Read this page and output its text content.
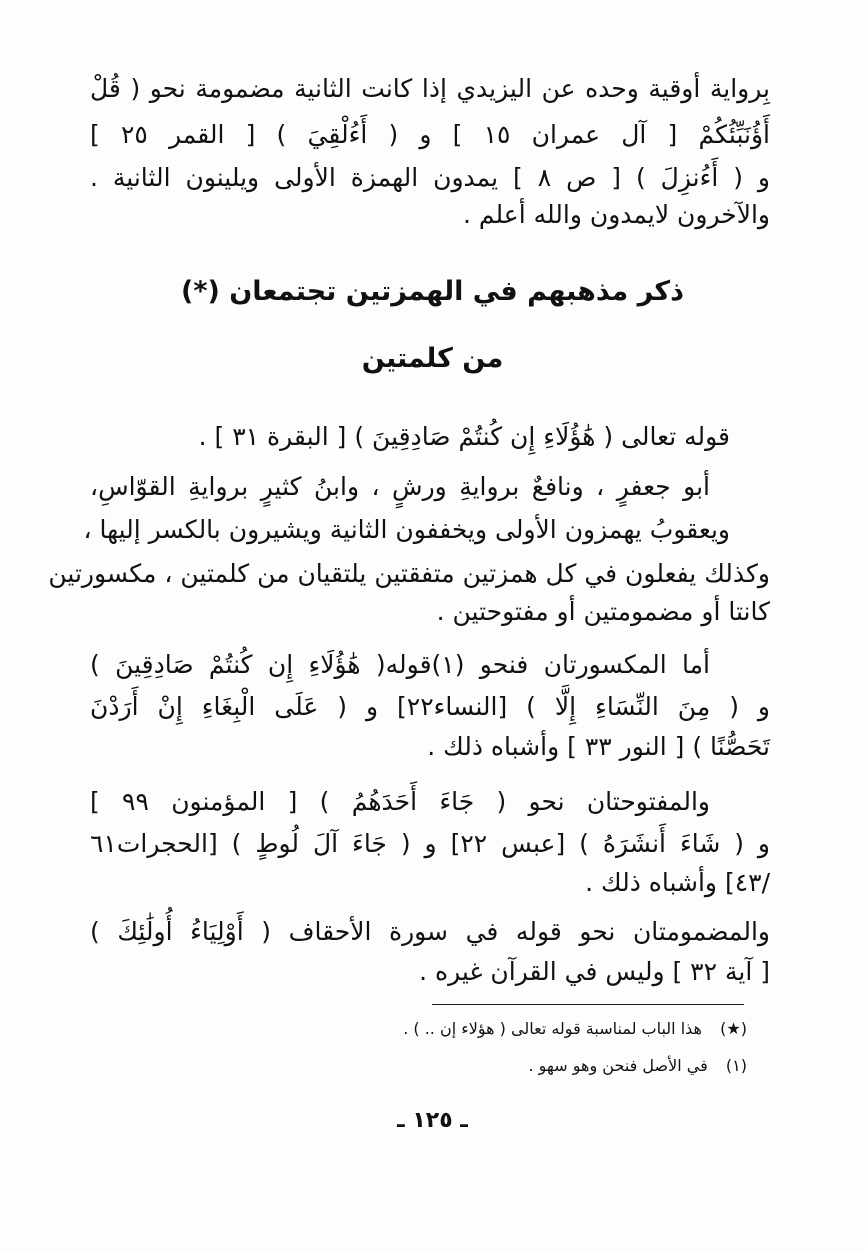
بِرواية أوقية وحده عن اليزيدي إذا كانت الثانية مضمومة نحو ( قُلْ
أَؤُنَبِّئُكُمْ [ آل عمران ١٥ ] و ( أَءُلْقِيَ ) [ القمر ٢٥ ]
و ( أَءُنزِلَ ) [ ص ٨ ] يمدون الهمزة الأولى ويلينون الثانية .
والآخرون لايمدون والله أعلم .
ذكر مذهبهم في الهمزتين تجتمعان (*)
من كلمتين
قوله تعالى ( هَٰؤُلَاءِ إِن كُنتُمْ صَادِقِينَ ) [ البقرة ٣١ ] .
أبو جعفرٍ ، ونافعٌ بروايةِ ورشٍ ، وابنُ كثيرٍ بروايةِ القوّاسِ،
ويعقوبُ يهمزون الأولى ويخففون الثانية ويشيرون بالكسر إليها ،
وكذلك يفعلون في كل همزتين متفقتين يلتقيان من كلمتين ، مكسورتين
كانتا أو مضمومتين أو مفتوحتين .
أما المكسورتان فنحو (١)قوله( هَٰؤُلَاءِ إِن كُنتُمْ صَادِقِينَ )
و ( مِنَ النِّسَاءِ إِلَّا ) [النساء٢٢] و ( عَلَى الْبِغَاءِ إِنْ أَرَدْنَ
تَحَصُّنًا ) [ النور ٣٣ ] وأشباه ذلك .
والمفتوحتان نحو ( جَاءَ أَحَدَهُمُ ) [ المؤمنون ٩٩ ]
و ( شَاءَ أَنشَرَهُ ) [عبس ٢٢] و ( جَاءَ آلَ لُوطٍ ) [الحجرات٦١
/٤٣] وأشباه ذلك .
والمضمومتان نحو قوله في سورة الأحقاف ( أَوْلِيَاءُ أُولَٰئِكَ )
[ آية ٣٢ ] وليس في القرآن غيره .
(★)   هذا الباب لمناسبة قوله تعالى ( هؤلاء إن .. ) .
(١)   في الأصل فنحن وهو سهو .
ـ ١٢٥ ـ
